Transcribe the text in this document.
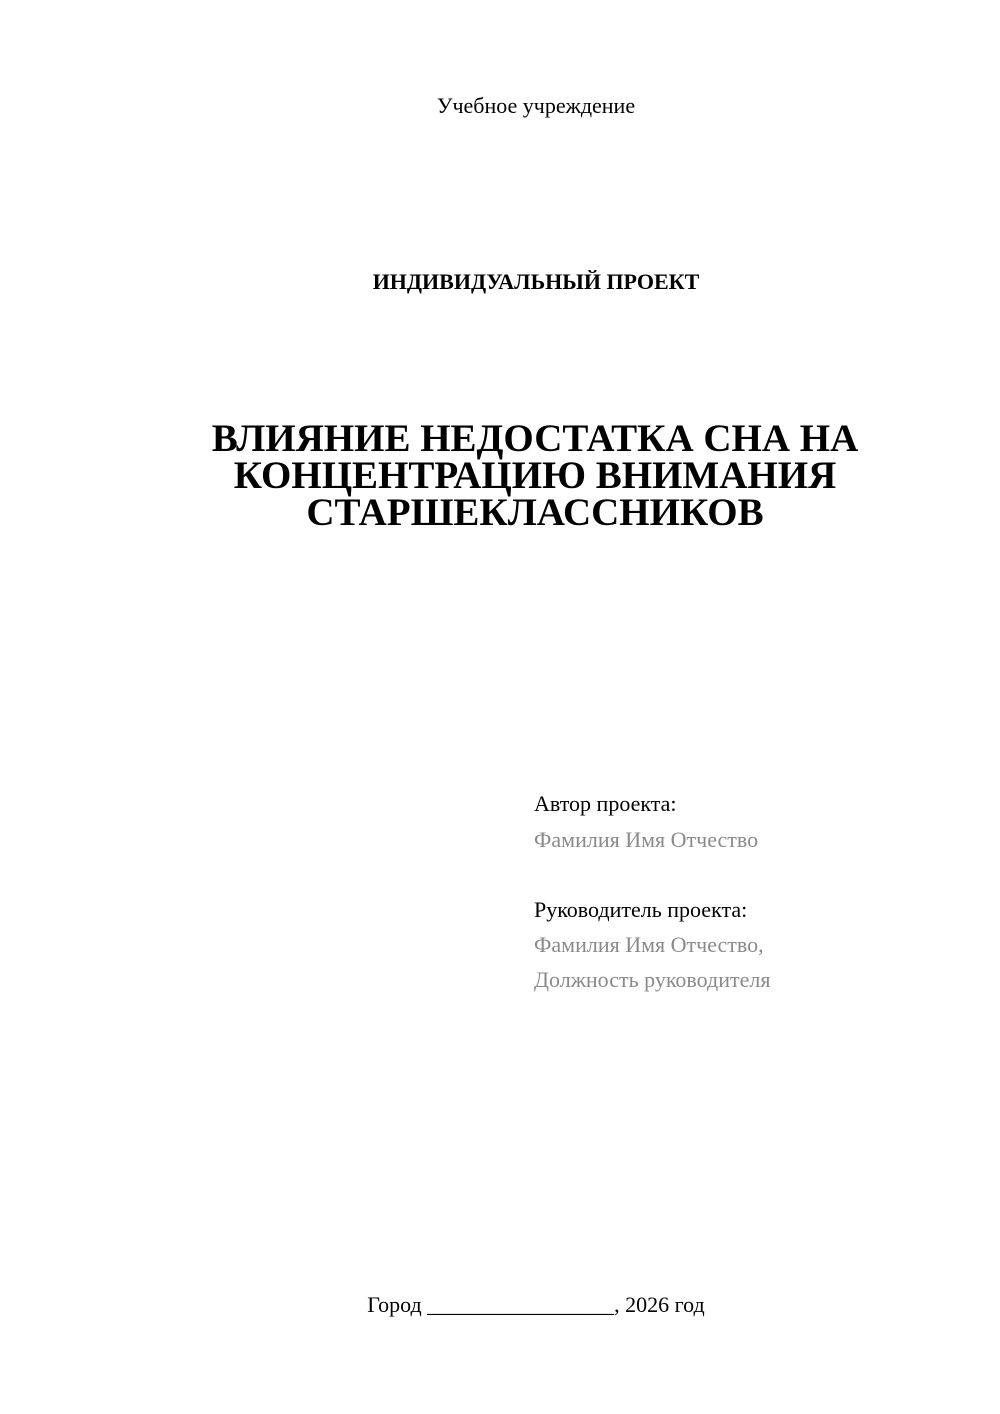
Учебное учреждение
ИНДИВИДУАЛЬНЫЙ ПРОЕКТ
ВЛИЯНИЕ НЕДОСТАТКА СНА НА
КОНЦЕНТРАЦИЮ ВНИМАНИЯ
СТАРШЕКЛАССНИКОВ
Автор проекта:
Фамилия Имя Отчество
Руководитель проекта:
Фамилия Имя Отчество,
Должность руководителя
Город _________________, 2026 год
